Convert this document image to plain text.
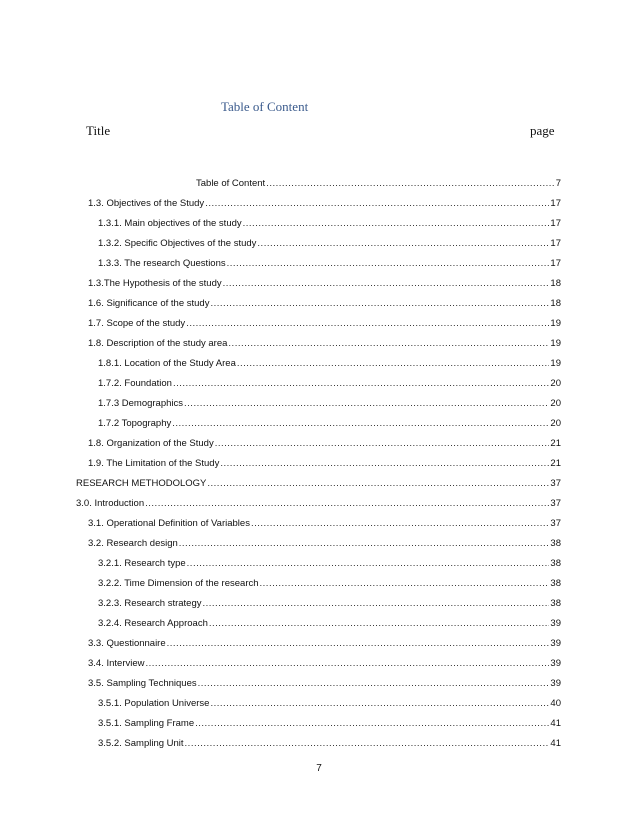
Table of Content
Title	page
Table of Content .....	7
1.3. Objectives of the Study .....	17
1.3.1. Main objectives of the study .....	17
1.3.2. Specific Objectives of the study .....	17
1.3.3. The research Questions .....	17
1.3.The Hypothesis of the study .....	18
1.6. Significance of the study .....	18
1.7. Scope of the study .....	19
1.8. Description of the study area .....	19
1.8.1. Location of the Study Area .....	19
1.7.2. Foundation .....	20
1.7.3 Demographics .....	20
1.7.2 Topography .....	20
1.8. Organization of the Study .....	21
1.9. The Limitation of the Study .....	21
RESEARCH METHODOLOGY .....	37
3.0. Introduction .....	37
3.1. Operational Definition of Variables .....	37
3.2. Research design .....	38
3.2.1. Research type .....	38
3.2.2. Time Dimension of the research .....	38
3.2.3. Research strategy .....	38
3.2.4. Research Approach .....	39
3.3. Questionnaire .....	39
3.4. Interview .....	39
3.5. Sampling Techniques .....	39
3.5.1. Population Universe .....	40
3.5.1. Sampling Frame .....	41
3.5.2. Sampling Unit .....	41
7
